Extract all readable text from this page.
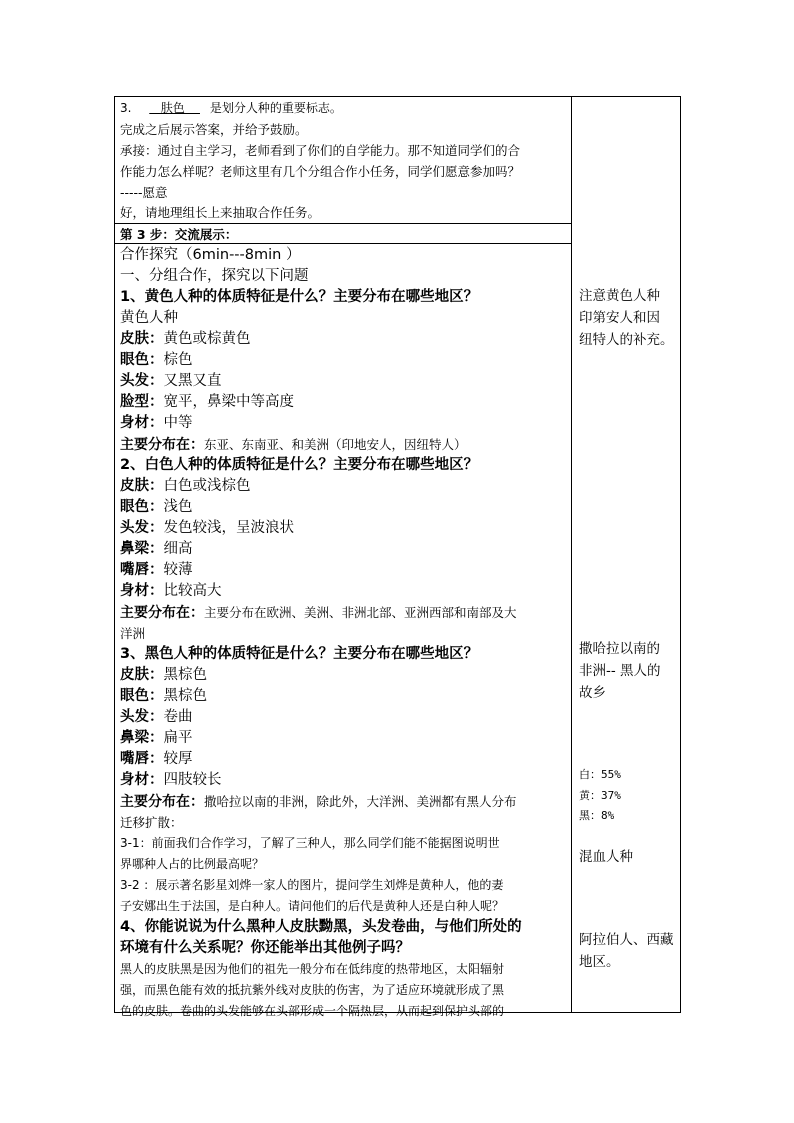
3.    肤色     是划分人种的重要标志。
完成之后展示答案，并给予鼓励。
承接：通过自主学习，老师看到了你们的自学能力。那不知道同学们的合
作能力怎么样呢？老师这里有几个分组合作小任务，同学们愿意参加吗？
-----愿意
好，请地理组长上来抽取合作任务。
第 3 步：交流展示：
合作探究（6min---8min ）
一、分组合作，探究以下问题
1、黄色人种的体质特征是什么？主要分布在哪些地区？
黄色人种
皮肤：黄色或棕黄色
眼色：棕色
头发：又黑又直
脸型：宽平，鼻梁中等高度
身材：中等
主要分布在：东亚、东南亚、和美洲（印地安人，因纽特人）
2、白色人种的体质特征是什么？主要分布在哪些地区？
皮肤：白色或浅棕色
眼色：浅色
头发：发色较浅，呈波浪状
鼻梁：细高
嘴唇：较薄
身材：比较高大
主要分布在：主要分布在欧洲、美洲、非洲北部、亚洲西部和南部及大
洋洲
3、黑色人种的体质特征是什么？主要分布在哪些地区？
皮肤：黑棕色
眼色：黑棕色
头发：卷曲
鼻梁：扁平
嘴唇：较厚
身材：四肢较长
主要分布在：撒哈拉以南的非洲，除此外，大洋洲、美洲都有黑人分布
迁移扩散：
3-1：前面我们合作学习，了解了三种人，那么同学们能不能据图说明世
界哪种人占的比例最高呢？
3-2 ：展示著名影星刘烨一家人的图片，提问学生刘烨是黄种人，他的妻
子安娜出生于法国，是白种人。请问他们的后代是黄种人还是白种人呢？
4、你能说说为什么黑种人皮肤黝黑，头发卷曲，与他们所处的
环境有什么关系呢？你还能举出其他例子吗？
黑人的皮肤黑是因为他们的祖先一般分布在低纬度的热带地区，太阳辐射
强，而黑色能有效的抵抗紫外线对皮肤的伤害，为了适应环境就形成了黑
色的皮肤。卷曲的头发能够在头部形成一个隔热层，从而起到保护头部的
注意黄色人种
印第安人和因
纽特人的补充。
撒哈拉以南的
非洲-- 黑人的
故乡
白：55%
黄：37%
黑：8%
混血人种
阿拉伯人、西藏
地区。
